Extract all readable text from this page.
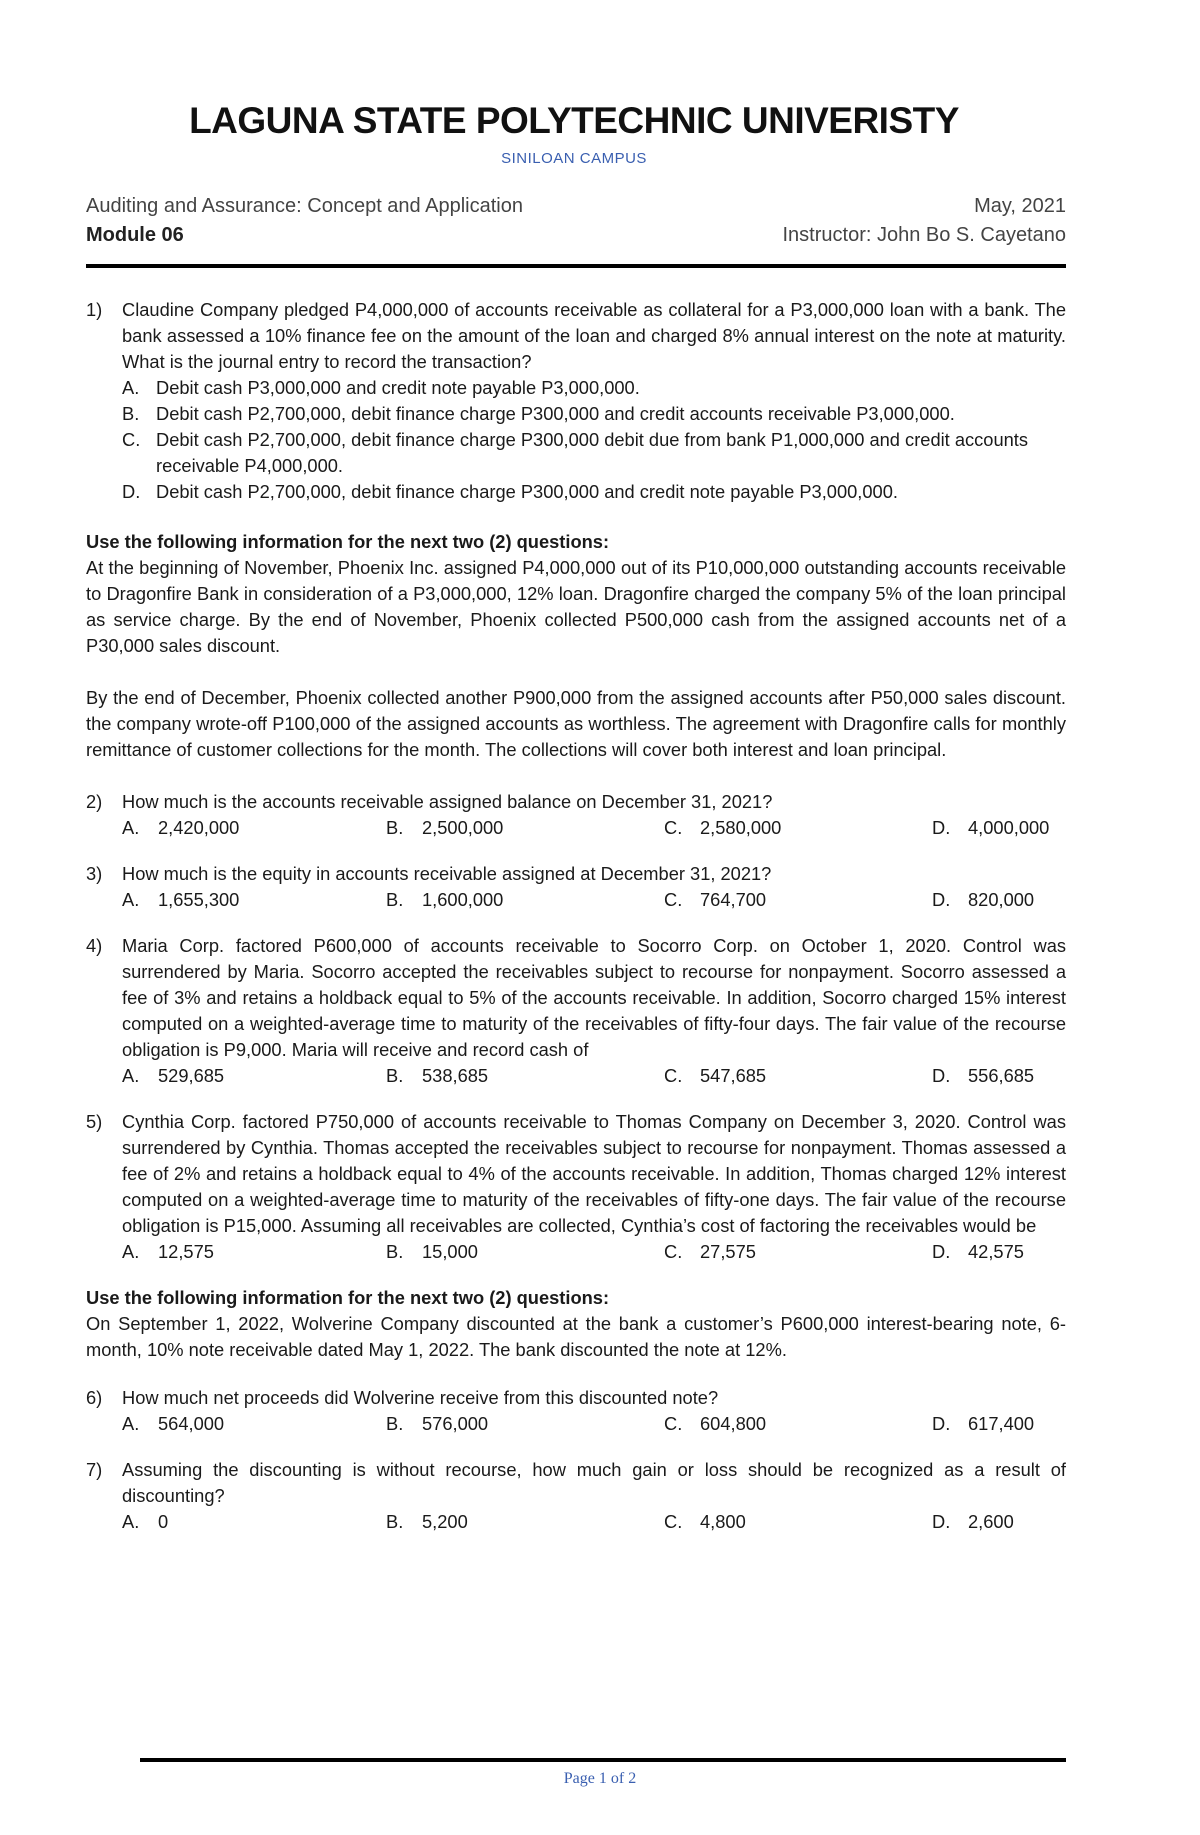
LAGUNA STATE POLYTECHNIC UNIVERISTY
SINILOAN CAMPUS
Auditing and Assurance: Concept and Application	May, 2021
Module 06	Instructor: John Bo S. Cayetano
1) Claudine Company pledged P4,000,000 of accounts receivable as collateral for a P3,000,000 loan with a bank. The bank assessed a 10% finance fee on the amount of the loan and charged 8% annual interest on the note at maturity. What is the journal entry to record the transaction?
A. Debit cash P3,000,000 and credit note payable P3,000,000.
B. Debit cash P2,700,000, debit finance charge P300,000 and credit accounts receivable P3,000,000.
C. Debit cash P2,700,000, debit finance charge P300,000 debit due from bank P1,000,000 and credit accounts receivable P4,000,000.
D. Debit cash P2,700,000, debit finance charge P300,000 and credit note payable P3,000,000.
Use the following information for the next two (2) questions:
At the beginning of November, Phoenix Inc. assigned P4,000,000 out of its P10,000,000 outstanding accounts receivable to Dragonfire Bank in consideration of a P3,000,000, 12% loan. Dragonfire charged the company 5% of the loan principal as service charge. By the end of November, Phoenix collected P500,000 cash from the assigned accounts net of a P30,000 sales discount.
By the end of December, Phoenix collected another P900,000 from the assigned accounts after P50,000 sales discount. the company wrote-off P100,000 of the assigned accounts as worthless. The agreement with Dragonfire calls for monthly remittance of customer collections for the month. The collections will cover both interest and loan principal.
2) How much is the accounts receivable assigned balance on December 31, 2021?
A. 2,420,000	B. 2,500,000	C. 2,580,000	D. 4,000,000
3) How much is the equity in accounts receivable assigned at December 31, 2021?
A. 1,655,300	B. 1,600,000	C. 764,700	D. 820,000
4) Maria Corp. factored P600,000 of accounts receivable to Socorro Corp. on October 1, 2020. Control was surrendered by Maria. Socorro accepted the receivables subject to recourse for nonpayment. Socorro assessed a fee of 3% and retains a holdback equal to 5% of the accounts receivable. In addition, Socorro charged 15% interest computed on a weighted-average time to maturity of the receivables of fifty-four days. The fair value of the recourse obligation is P9,000. Maria will receive and record cash of
A. 529,685	B. 538,685	C. 547,685	D. 556,685
5) Cynthia Corp. factored P750,000 of accounts receivable to Thomas Company on December 3, 2020. Control was surrendered by Cynthia. Thomas accepted the receivables subject to recourse for nonpayment. Thomas assessed a fee of 2% and retains a holdback equal to 4% of the accounts receivable. In addition, Thomas charged 12% interest computed on a weighted-average time to maturity of the receivables of fifty-one days. The fair value of the recourse obligation is P15,000. Assuming all receivables are collected, Cynthia’s cost of factoring the receivables would be
A. 12,575	B. 15,000	C. 27,575	D. 42,575
Use the following information for the next two (2) questions:
On September 1, 2022, Wolverine Company discounted at the bank a customer’s P600,000 interest-bearing note, 6-month, 10% note receivable dated May 1, 2022. The bank discounted the note at 12%.
6) How much net proceeds did Wolverine receive from this discounted note?
A. 564,000	B. 576,000	C. 604,800	D. 617,400
7) Assuming the discounting is without recourse, how much gain or loss should be recognized as a result of discounting?
A. 0	B. 5,200	C. 4,800	D. 2,600
Page 1 of 2
